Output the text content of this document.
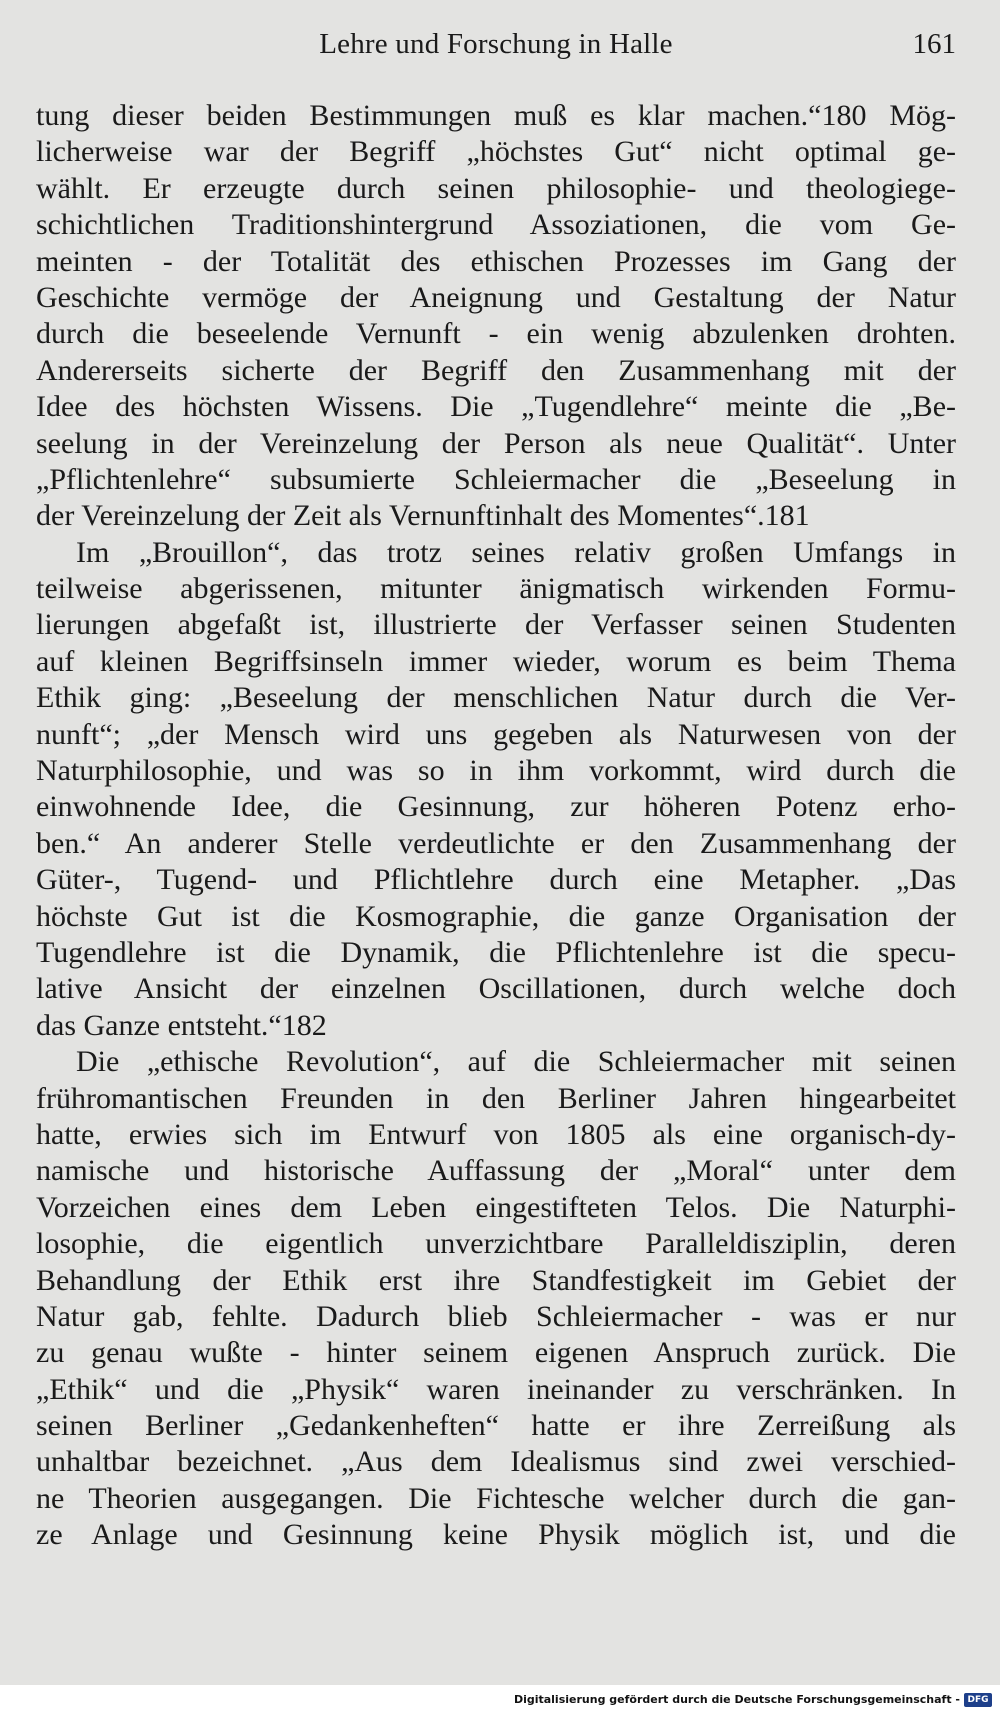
Lehre und Forschung in Halle	161
tung dieser beiden Bestimmungen muß es klar machen.“180 Mög-
licherweise war der Begriff „höchstes Gut“ nicht optimal ge-
wählt. Er erzeugte durch seinen philosophie- und theologiege-
schichtlichen Traditionshintergrund Assoziationen, die vom Ge-
meinten - der Totalität des ethischen Prozesses im Gang der
Geschichte vermöge der Aneignung und Gestaltung der Natur
durch die beseelende Vernunft - ein wenig abzulenken drohten.
Andererseits sicherte der Begriff den Zusammenhang mit der
Idee des höchsten Wissens. Die „Tugendlehre“ meinte die „Be-
seelung in der Vereinzelung der Person als neue Qualität“. Unter
„Pflichtenlehre“ subsumierte Schleiermacher die „Beseelung in
der Vereinzelung der Zeit als Vernunftinhalt des Momentes“.181
Im „Brouillon“, das trotz seines relativ großen Umfangs in
teilweise abgerissenen, mitunter änigmatisch wirkenden Formu-
lierungen abgefaßt ist, illustrierte der Verfasser seinen Studenten
auf kleinen Begriffsinseln immer wieder, worum es beim Thema
Ethik ging: „Beseelung der menschlichen Natur durch die Ver-
nunft“; „der Mensch wird uns gegeben als Naturwesen von der
Naturphilosophie, und was so in ihm vorkommt, wird durch die
einwohnende Idee, die Gesinnung, zur höheren Potenz erho-
ben.“ An anderer Stelle verdeutlichte er den Zusammenhang der
Güter-, Tugend- und Pflichtlehre durch eine Metapher. „Das
höchste Gut ist die Kosmographie, die ganze Organisation der
Tugendlehre ist die Dynamik, die Pflichtenlehre ist die specu-
lative Ansicht der einzelnen Oscillationen, durch welche doch
das Ganze entsteht.“182
Die „ethische Revolution“, auf die Schleiermacher mit seinen
frühromantischen Freunden in den Berliner Jahren hingearbeitet
hatte, erwies sich im Entwurf von 1805 als eine organisch-dy-
namische und historische Auffassung der „Moral“ unter dem
Vorzeichen eines dem Leben eingestifteten Telos. Die Naturphi-
losophie, die eigentlich unverzichtbare Paralleldisziplin, deren
Behandlung der Ethik erst ihre Standfestigkeit im Gebiet der
Natur gab, fehlte. Dadurch blieb Schleiermacher - was er nur
zu genau wußte - hinter seinem eigenen Anspruch zurück. Die
„Ethik“ und die „Physik“ waren ineinander zu verschränken. In
seinen Berliner „Gedankenheften“ hatte er ihre Zerreißung als
unhaltbar bezeichnet. „Aus dem Idealismus sind zwei verschied-
ne Theorien ausgegangen. Die Fichtesche welcher durch die gan-
ze Anlage und Gesinnung keine Physik möglich ist, und die
Digitalisierung gefördert durch die Deutsche Forschungsgemeinschaft - DFG
